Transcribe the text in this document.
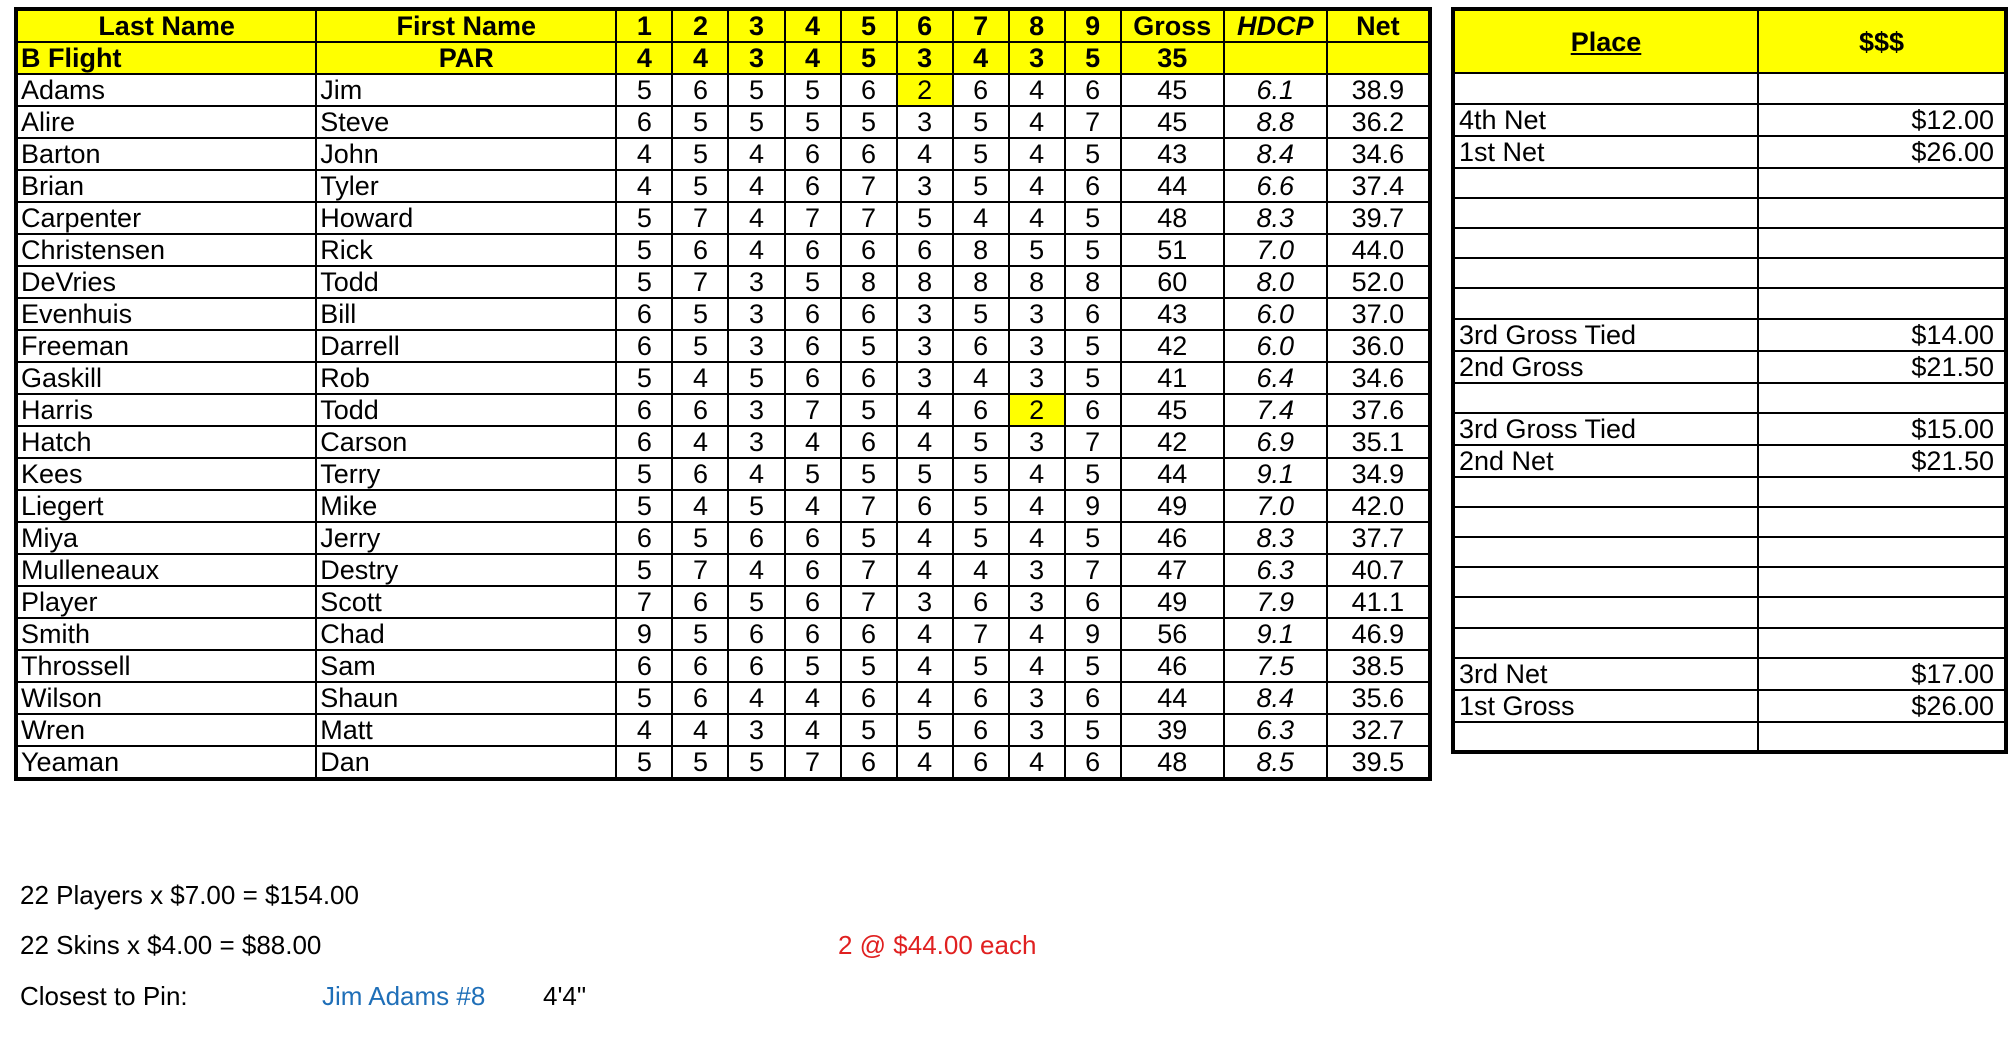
Last Name	First Name	1	2	3	4	5	6	7	8	9	Gross	HDCP	Net
B Flight	PAR	4	4	3	4	5	3	4	3	5	35		
Adams	Jim	5	6	5	5	6	2	6	4	6	45	6.1	38.9
Alire	Steve	6	5	5	5	5	3	5	4	7	45	8.8	36.2
Barton	John	4	5	4	6	6	4	5	4	5	43	8.4	34.6
Brian	Tyler	4	5	4	6	7	3	5	4	6	44	6.6	37.4
Carpenter	Howard	5	7	4	7	7	5	4	4	5	48	8.3	39.7
Christensen	Rick	5	6	4	6	6	6	8	5	5	51	7.0	44.0
DeVries	Todd	5	7	3	5	8	8	8	8	8	60	8.0	52.0
Evenhuis	Bill	6	5	3	6	6	3	5	3	6	43	6.0	37.0
Freeman	Darrell	6	5	3	6	5	3	6	3	5	42	6.0	36.0
Gaskill	Rob	5	4	5	6	6	3	4	3	5	41	6.4	34.6
Harris	Todd	6	6	3	7	5	4	6	2	6	45	7.4	37.6
Hatch	Carson	6	4	3	4	6	4	5	3	7	42	6.9	35.1
Kees	Terry	5	6	4	5	5	5	5	4	5	44	9.1	34.9
Liegert	Mike	5	4	5	4	7	6	5	4	9	49	7.0	42.0
Miya	Jerry	6	5	6	6	5	4	5	4	5	46	8.3	37.7
Mulleneaux	Destry	5	7	4	6	7	4	4	3	7	47	6.3	40.7
Player	Scott	7	6	5	6	7	3	6	3	6	49	7.9	41.1
Smith	Chad	9	5	6	6	6	4	7	4	9	56	9.1	46.9
Throssell	Sam	6	6	6	5	5	4	5	4	5	46	7.5	38.5
Wilson	Shaun	5	6	4	4	6	4	6	3	6	44	8.4	35.6
Wren	Matt	4	4	3	4	5	5	6	3	5	39	6.3	32.7
Yeaman	Dan	5	5	5	7	6	4	6	4	6	48	8.5	39.5
Place	$$$

4th Net	$12.00
1st Net	$26.00

3rd Gross Tied	$14.00
2nd Gross	$21.50

3rd Gross Tied	$15.00
2nd Net	$21.50

3rd Net	$17.00
1st Gross	$26.00

22 Players x $7.00 = $154.00
22 Skins x $4.00 = $88.00	2 @ $44.00 each
Closest to Pin:	Jim Adams #8 4'4"
